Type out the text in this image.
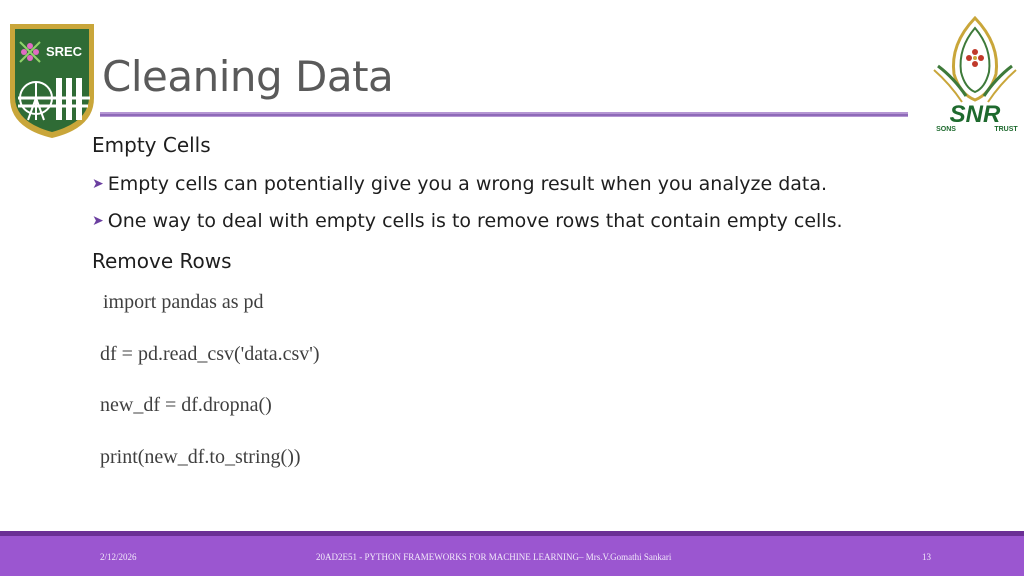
SREC
Cleaning Data
SNR
SONS	TRUST
Empty Cells
➤ Empty cells can potentially give you a wrong result when you analyze data.
➤ One way to deal with empty cells is to remove rows that contain empty cells.
Remove Rows
import pandas as pd
df = pd.read_csv('data.csv')
new_df = df.dropna()
print(new_df.to_string())
2/12/2026	20AD2E51 - PYTHON FRAMEWORKS FOR MACHINE LEARNING– Mrs.V.Gomathi Sankari	13
